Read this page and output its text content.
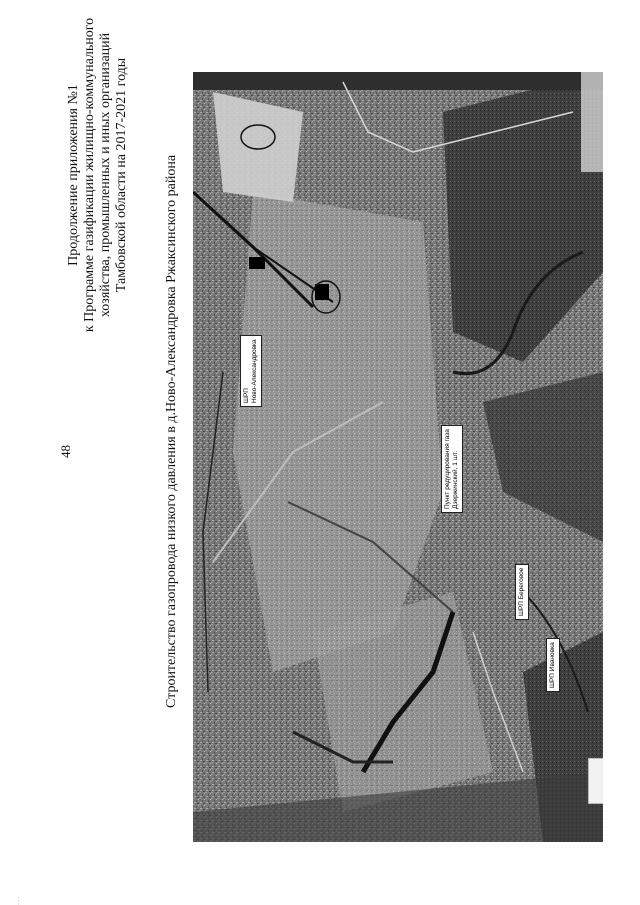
...
48
Продолжение приложения №1 к Программе газификации жилищно-коммунального хозяйства, промышленных и иных организаций Тамбовской области на 2017-2021 годы	Строительство газопровода низкого давления в д.Ново-Александровка Ржаксинского района	ШРП Ново-Александровка
Пункт редуцирования газа Дзержинский, 1 шт.
ШРП Береговое
ШРП Ивановка
